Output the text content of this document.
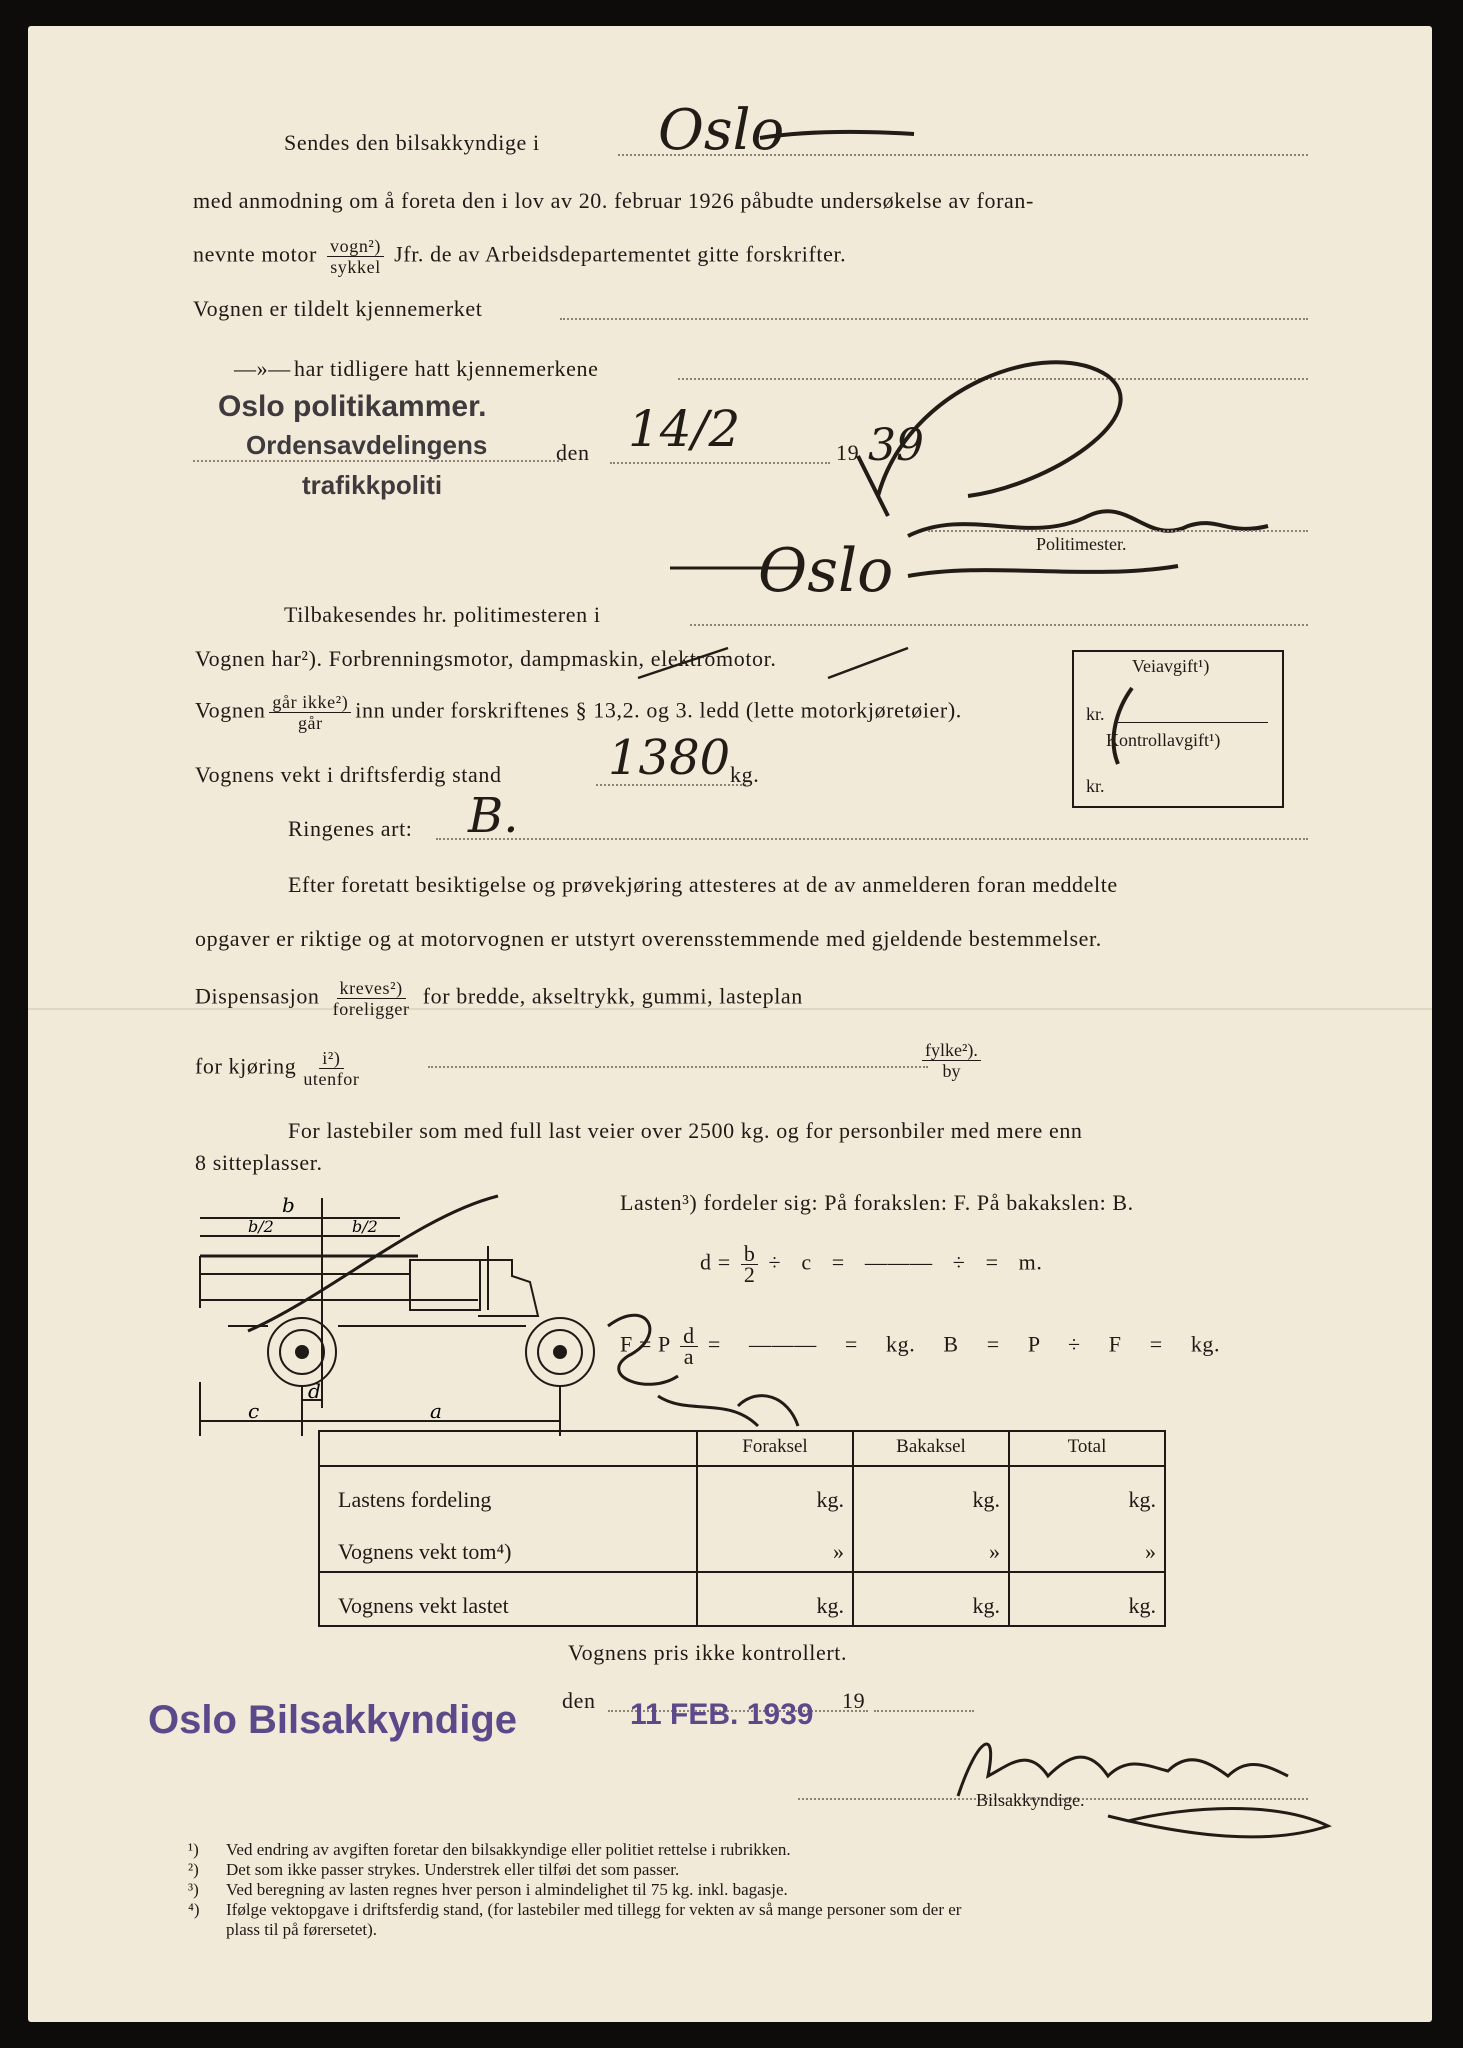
Sendes den bilsakkyndige i Oslo
med anmodning om å foreta den i lov av 20. februar 1926 påbudte undersøkelse av foran-
nevnte motor $\frac{\text{vogn²)}}{\text{sykkel}}$ Jfr. de av Arbeidsdepartementet gitte forskrifter.
Vognen er tildelt kjennemerket
—»— har tidligere hatt kjennemerkene
Oslo politikammer.
Ordensavdelingens
trafikkpoliti
den 14/2	19 39
Politimester.
Oslo
Tilbakesendes hr. politimesteren i
Vognen har²). Forbrenningsmotor, dampmaskin, elektromotor.
Vognen $\frac{\text{går ikke²)}}{\text{går}}$ inn under forskriftenes § 13,2. og 3. ledd (lette motorkjøretøier).
Vognens vekt i driftsferdig stand 1380 kg.
Ringenes art: B.
Veiavgift¹)
kr.
Kontrollavgift¹)
kr.
Efter foretatt besiktigelse og prøvekjøring attesteres at de av anmelderen foran meddelte
opgaver er riktige og at motorvognen er utstyrt overensstemmende med gjeldende bestemmelser.
Dispensasjon $\frac{\text{kreves²)}}{\text{foreligger}}$ for bredde, akseltrykk, gummi, lasteplan
for kjøring $\frac{\text{i²)}}{\text{utenfor}}$	$\frac{\text{fylke²).}}{by}$
For lastebiler som med full last veier over 2500 kg. og for personbiler med mere enn
8 sitteplasser.
b
b/2	b/2
c
d
a
Lasten³) fordeler sig: På forakslen: F. På bakakslen: B.
$d = \frac{b}{2} \div c$ = ——— ÷ = m.
F = P $\frac{d}{a}$ = ——— = kg. B = P ÷ F = kg.
	Foraksel	Bakaksel	Total
Lastens fordeling	kg.	kg.	kg.
Vognens vekt tom⁴)	»	»	»
Vognens vekt lastet	kg.	kg.	kg.
Vognens pris ikke kontrollert.
Oslo Bilsakkyndige den 11 FEB. 1939 19
Bilsakkyndige.
¹) Ved endring av avgiften foretar den bilsakkyndige eller politiet rettelse i rubrikken.
²) Det som ikke passer strykes. Understrek eller tilføi det som passer.
³) Ved beregning av lasten regnes hver person i almindelighet til 75 kg. inkl. bagasje.
⁴) Ifølge vektopgave i driftsferdig stand, (for lastebiler med tillegg for vekten av så mange personer som der er
plass til på førersetet).
